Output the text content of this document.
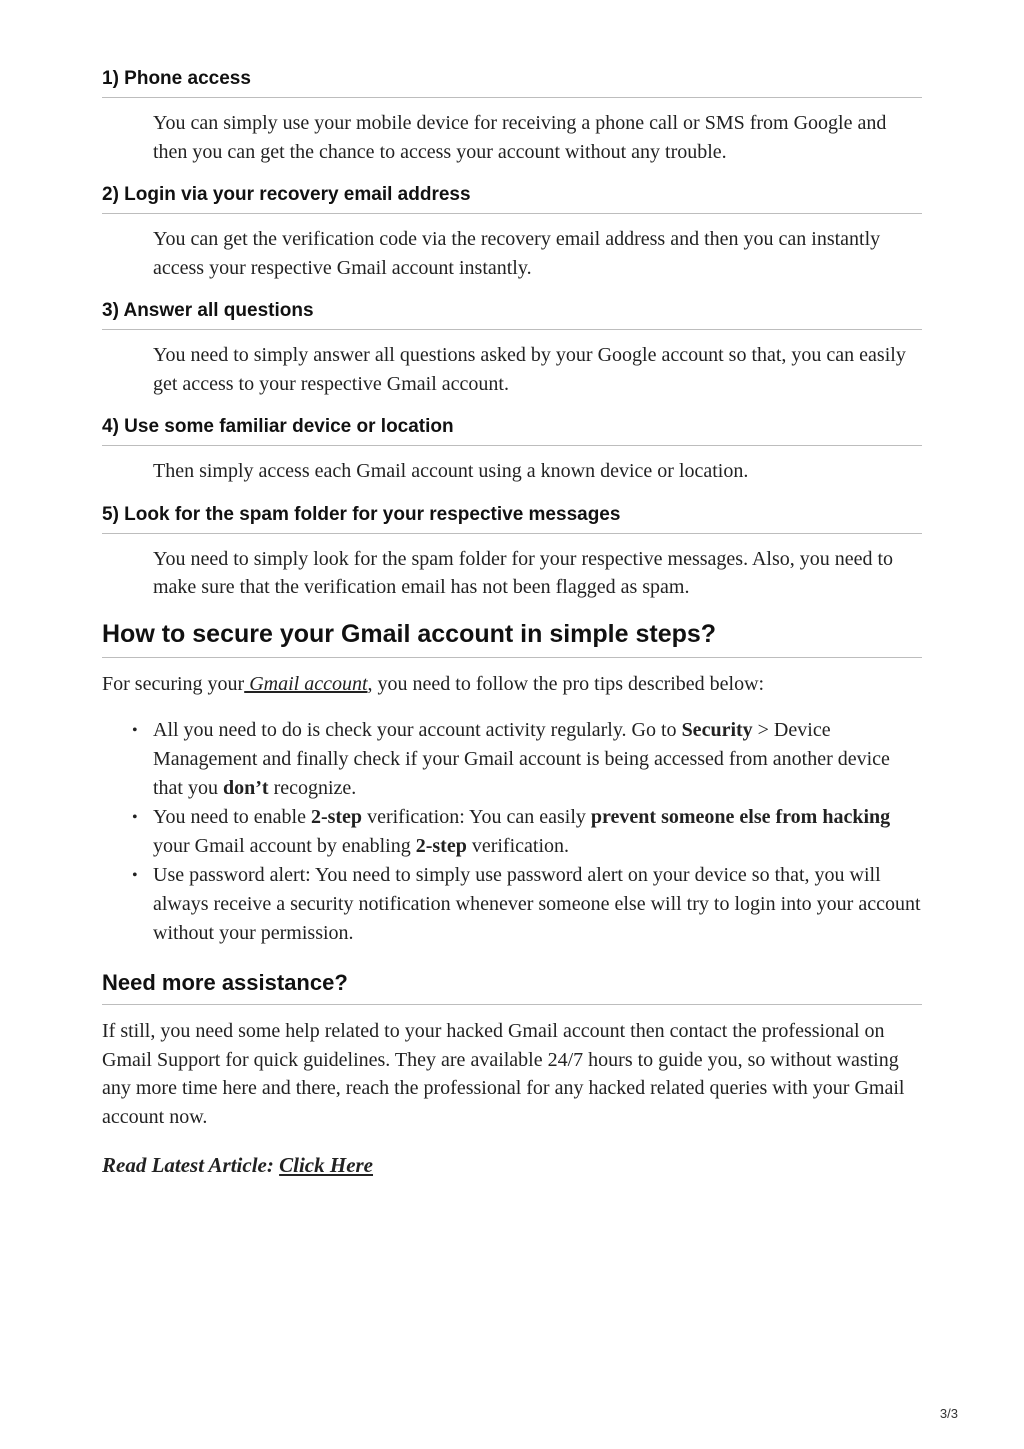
1) Phone access
You can simply use your mobile device for receiving a phone call or SMS from Google and then you can get the chance to access your account without any trouble.
2) Login via your recovery email address
You can get the verification code via the recovery email address and then you can instantly access your respective Gmail account instantly.
3) Answer all questions
You need to simply answer all questions asked by your Google account so that, you can easily get access to your respective Gmail account.
4) Use some familiar device or location
Then simply access each Gmail account using a known device or location.
5) Look for the spam folder for your respective messages
You need to simply look for the spam folder for your respective messages. Also, you need to make sure that the verification email has not been flagged as spam.
How to secure your Gmail account in simple steps?

For securing your Gmail account, you need to follow the pro tips described below:

• All you need to do is check your account activity regularly. Go to Security > Device Management and finally check if your Gmail account is being accessed from another device that you don’t recognize.
• You need to enable 2-step verification: You can easily prevent someone else from hacking your Gmail account by enabling 2-step verification.
• Use password alert: You need to simply use password alert on your device so that, you will always receive a security notification whenever someone else will try to login into your account without your permission.
Need more assistance?

If still, you need some help related to your hacked Gmail account then contact the professional on Gmail Support for quick guidelines. They are available 24/7 hours to guide you, so without wasting any more time here and there, reach the professional for any hacked related queries with your Gmail account now.

Read Latest Article: Click Here
3/3
